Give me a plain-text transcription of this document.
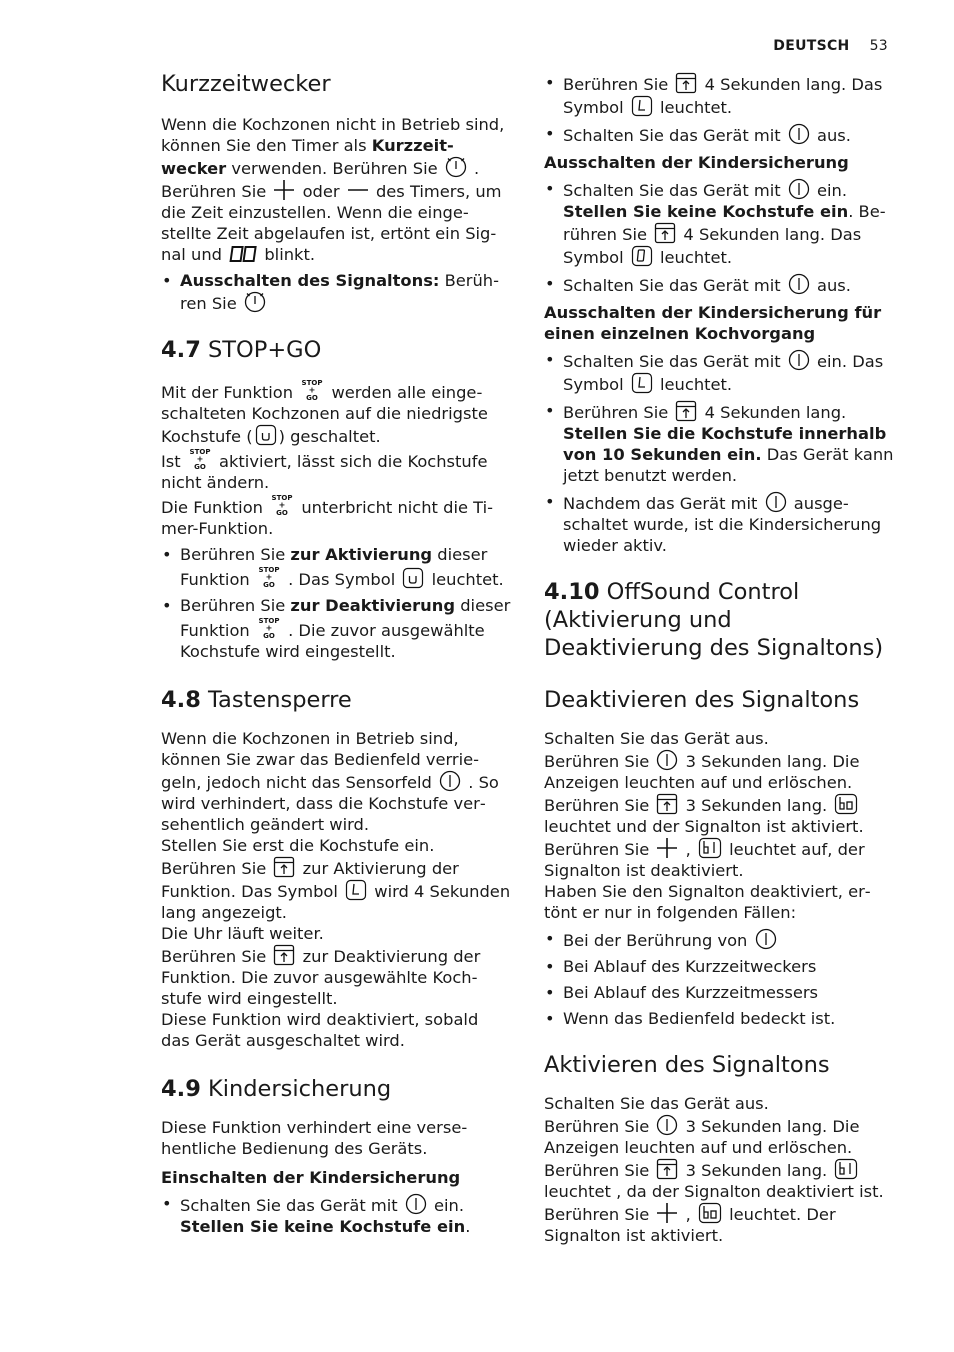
DEUTSCH 53
Kurzzeitwecker

Wenn die Kochzonen nicht in Betrieb sind, können Sie den Timer als Kurzzeitwecker verwenden. Berühren Sie  . Berühren Sie  oder  des Timers, um die Zeit einzustellen. Wenn die eingestellte Zeit abgelaufen ist, ertönt ein Signal und  blinkt.

• Ausschalten des Signaltons: Berühren Sie
4.7 STOP+GO

Mit der Funktion STOP
+
GO werden alle eingeschalteten Kochzonen auf die niedrigste Kochstufe ( ) geschaltet.

Ist STOP
+
GO aktiviert, lässt sich die Kochstufe nicht ändern.

Die Funktion STOP
+
GO unterbricht nicht die Timer-Funktion.

• Berühren Sie zur Aktivierung dieser Funktion STOP
+
GO . Das Symbol  leuchtet.
• Berühren Sie zur Deaktivierung dieser Funktion STOP
+
GO . Die zuvor ausgewählte Kochstufe wird eingestellt.
4.8 Tastensperre

Wenn die Kochzonen in Betrieb sind, können Sie zwar das Bedienfeld verriegeln, jedoch nicht das Sensorfeld  . So wird verhindert, dass die Kochstufe versehentlich geändert wird.

Stellen Sie erst die Kochstufe ein.

Berühren Sie  zur Aktivierung der Funktion. Das Symbol  wird 4 Sekunden lang angezeigt.

Die Uhr läuft weiter.

Berühren Sie  zur Deaktivierung der Funktion. Die zuvor ausgewählte Kochstufe wird eingestellt.

Diese Funktion wird deaktiviert, sobald das Gerät ausgeschaltet wird.

4.9 Kindersicherung

Diese Funktion verhindert eine versehentliche Bedienung des Geräts.

Einschalten der Kindersicherung
• Schalten Sie das Gerät mit  ein.
Stellen Sie keine Kochstufe ein.
• Berühren Sie  4 Sekunden lang. Das Symbol  leuchtet.
• Schalten Sie das Gerät mit  aus.
Ausschalten der Kindersicherung
• Schalten Sie das Gerät mit  ein.
Stellen Sie keine Kochstufe ein. Berühren Sie  4 Sekunden lang. Das Symbol  leuchtet.
• Schalten Sie das Gerät mit  aus.
Ausschalten der Kindersicherung für einen einzelnen Kochvorgang
• Schalten Sie das Gerät mit  ein. Das Symbol  leuchtet.
• Berühren Sie  4 Sekunden lang.
Stellen Sie die Kochstufe innerhalb von 10 Sekunden ein. Das Gerät kann jetzt benutzt werden.
• Nachdem das Gerät mit  ausgeschaltet wurde, ist die Kindersicherung wieder aktiv.
4.10 OffSound Control (Aktivierung und Deaktivierung des Signaltons)
Deaktivieren des Signaltons

Schalten Sie das Gerät aus.

Berühren Sie  3 Sekunden lang. Die Anzeigen leuchten auf und erlöschen.

Berühren Sie  3 Sekunden lang.  leuchtet und der Signalton ist aktiviert.

Berühren Sie  ,  leuchtet auf, der Signalton ist deaktiviert.

Haben Sie den Signalton deaktiviert, ertönt er nur in folgenden Fällen:

• Bei der Berührung von
• Bei Ablauf des Kurzzeitweckers
• Bei Ablauf des Kurzzeitmessers
• Wenn das Bedienfeld bedeckt ist.
Aktivieren des Signaltons

Schalten Sie das Gerät aus.

Berühren Sie  3 Sekunden lang. Die Anzeigen leuchten auf und erlöschen.

Berühren Sie  3 Sekunden lang.  leuchtet , da der Signalton deaktiviert ist. Berühren Sie  ,  leuchtet. Der Signalton ist aktiviert.
